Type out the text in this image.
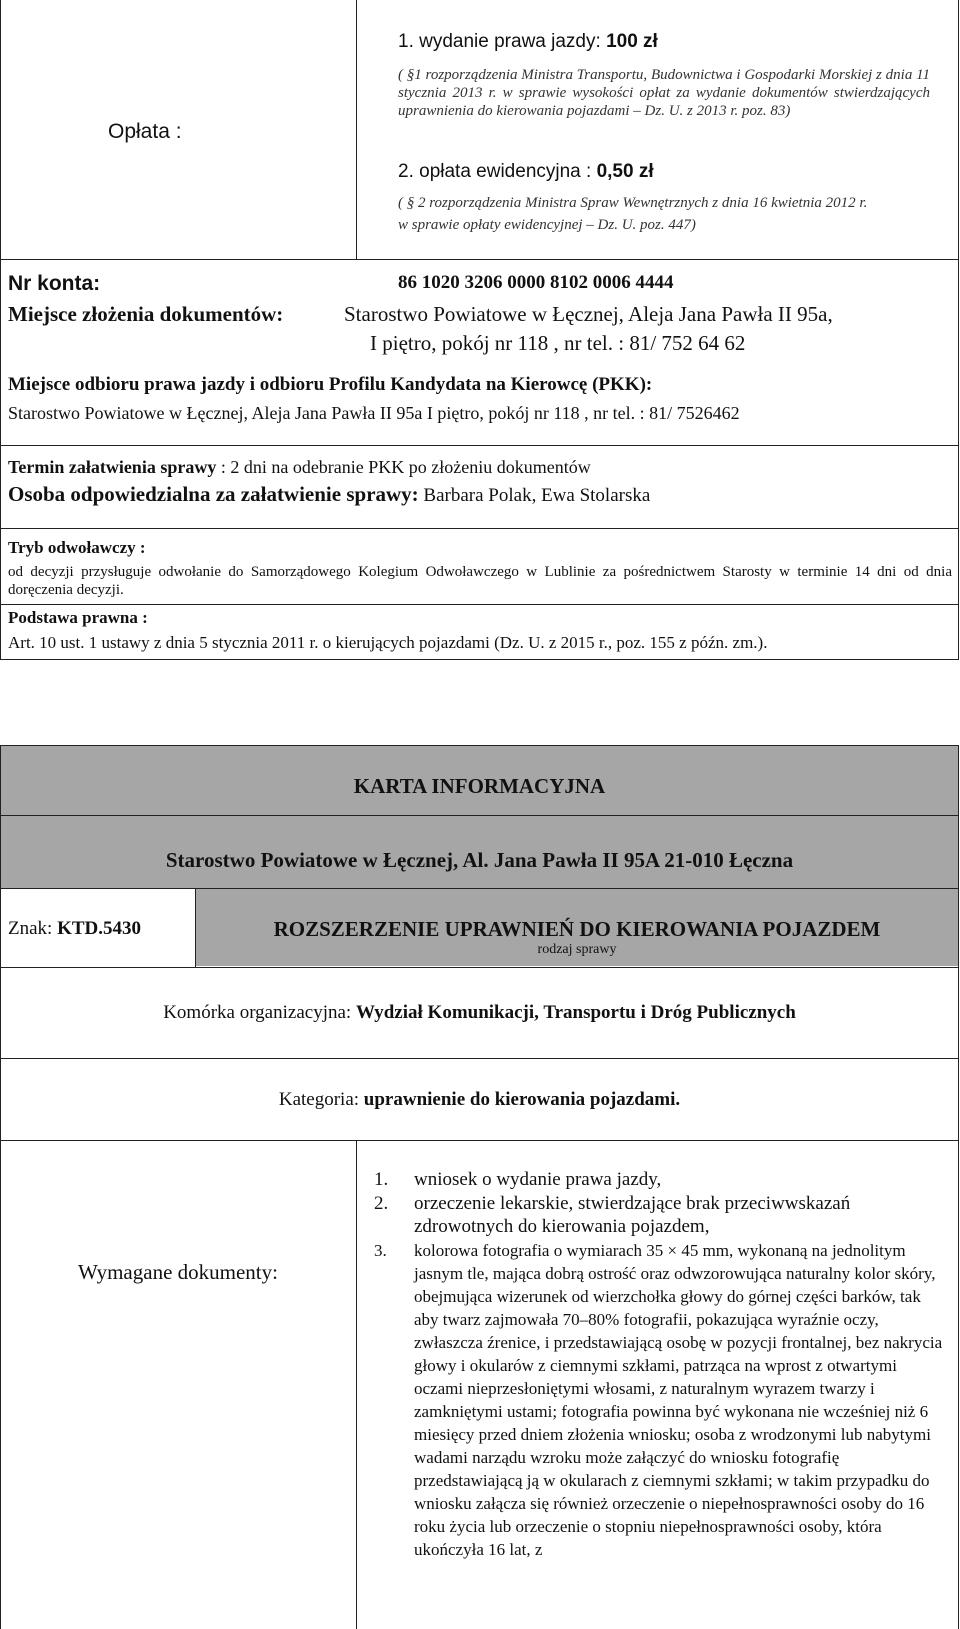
Opłata :
1. wydanie prawa jazdy: 100 zł
( §1 rozporządzenia Ministra Transportu, Budownictwa i Gospodarki Morskiej z dnia 11 stycznia 2013 r. w sprawie wysokości opłat za wydanie dokumentów stwierdzających uprawnienia do kierowania pojazdami – Dz. U. z 2013 r. poz. 83)
2. opłata ewidencyjna : 0,50 zł
( § 2 rozporządzenia Ministra Spraw Wewnętrznych z dnia 16 kwietnia 2012 r.
w sprawie opłaty ewidencyjnej – Dz. U. poz. 447)
Nr konta:	86 1020 3206 0000 8102 0006 4444
Miejsce złożenia dokumentów:	Starostwo Powiatowe w Łęcznej, Aleja Jana Pawła II 95a,
I piętro, pokój nr 118 , nr tel. : 81/ 752 64 62
Miejsce odbioru prawa jazdy i odbioru Profilu Kandydata na Kierowcę (PKK):
Starostwo Powiatowe w Łęcznej, Aleja Jana Pawła II 95a I piętro, pokój nr 118 , nr tel. : 81/ 7526462
Termin załatwienia sprawy : 2 dni na odebranie PKK po złożeniu dokumentów
Osoba odpowiedzialna za załatwienie sprawy: Barbara Polak, Ewa Stolarska
Tryb odwoławczy :
od decyzji przysługuje odwołanie do Samorządowego Kolegium Odwoławczego w Lublinie za pośrednictwem Starosty w terminie 14 dni od dnia doręczenia decyzji.
Podstawa prawna :
Art. 10 ust. 1 ustawy z dnia 5 stycznia 2011 r. o kierujących pojazdami (Dz. U. z 2015 r., poz. 155 z późn. zm.).
KARTA INFORMACYJNA
Starostwo Powiatowe w Łęcznej, Al. Jana Pawła II 95A 21-010 Łęczna
Znak: KTD.5430	ROZSZERZENIE UPRAWNIEŃ DO KIEROWANIA POJAZDEM
rodzaj sprawy
Komórka organizacyjna: Wydział Komunikacji, Transportu i Dróg Publicznych
Kategoria: uprawnienie do kierowania pojazdami.
Wymagane dokumenty:
1. wniosek o wydanie prawa jazdy,
2. orzeczenie lekarskie, stwierdzające brak przeciwwskazań zdrowotnych do kierowania pojazdem,
3. kolorowa fotografia o wymiarach 35 × 45 mm, wykonaną na jednolitym jasnym tle, mająca dobrą ostrość oraz odwzorowująca naturalny kolor skóry, obejmująca wizerunek od wierzchołka głowy do górnej części barków, tak aby twarz zajmowała 70–80% fotografii, pokazująca wyraźnie oczy, zwłaszcza źrenice, i przedstawiającą osobę w pozycji frontalnej, bez nakrycia głowy i okularów z ciemnymi szkłami, patrząca na wprost z otwartymi oczami nieprzesłoniętymi włosami, z naturalnym wyrazem twarzy i zamkniętymi ustami; fotografia powinna być wykonana nie wcześniej niż 6 miesięcy przed dniem złożenia wniosku; osoba z wrodzonymi lub nabytymi wadami narządu wzroku może załączyć do wniosku fotografię przedstawiającą ją w okularach z ciemnymi szkłami; w takim przypadku do wniosku załącza się również orzeczenie o niepełnosprawności osoby do 16 roku życia lub orzeczenie o stopniu niepełnosprawności osoby, która ukończyła 16 lat, z
